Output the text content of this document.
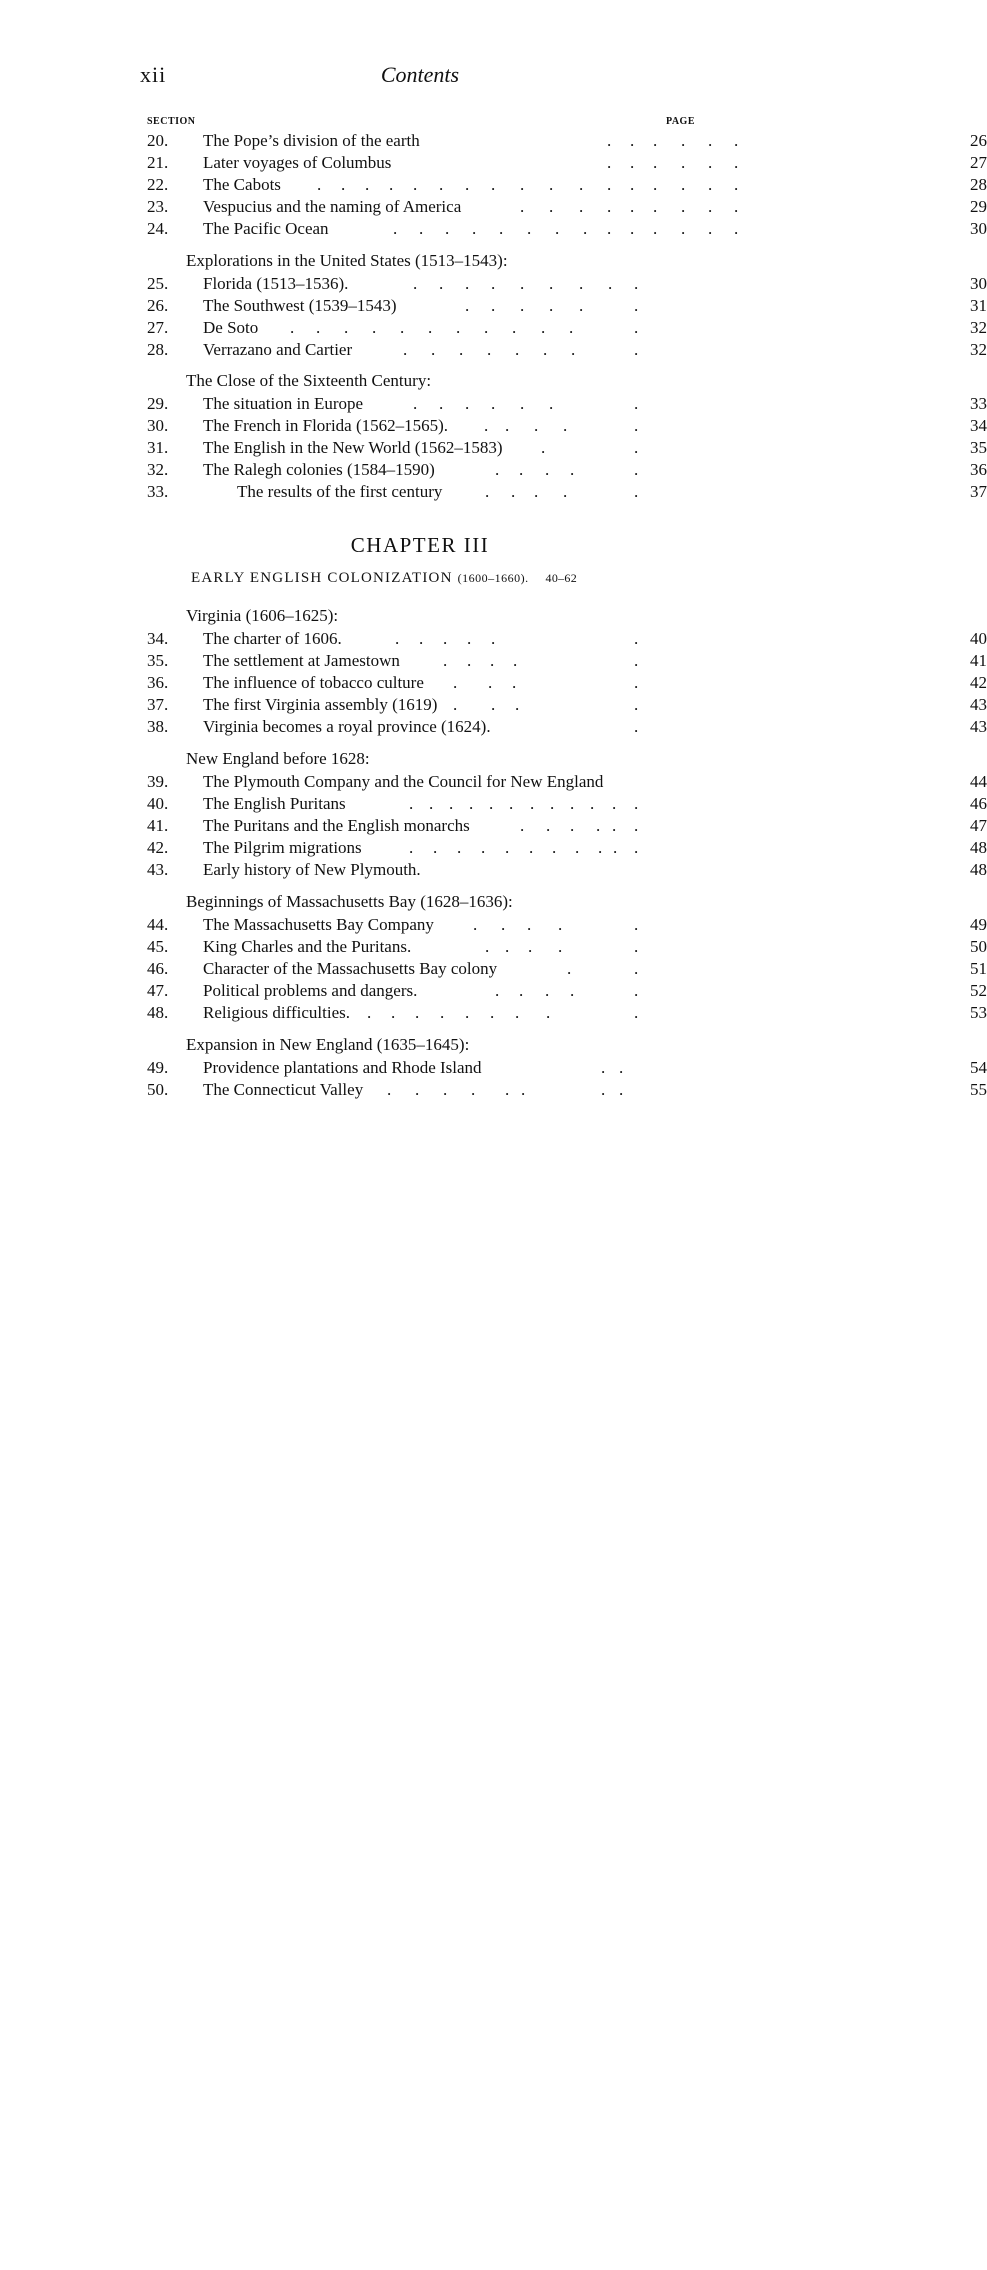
xii	Contents
SECTION	PAGE
Explorations in the United States (1513–1543):
The Close of the Sixteenth Century:
CHAPTER III
EARLY ENGLISH COLONIZATION (1600–1660). 40–62
Virginia (1606–1625):
New England before 1628:
Beginnings of Massachusetts Bay (1628–1636):
Expansion in New England (1635–1645):
20. The Pope’s division of the earth	. . . . . .	26
21. Later voyages of Columbus	. . . . . .	27
22. The Cabots . . . . . . . . . . . . . . . . .	28
23. Vespucius and the naming of America	. . . . . . . . .	29
24. The Pacific Ocean	. . . . . . . . . . . . . .	30
25. Florida (1513–1536).	. . . . . . . . .	30
26. The Southwest (1539–1543)	. . . . .	.	31
27. De Soto . . . . . . . . . . .	.	32
28. Verrazano and Cartier	. . . . . . .	.	32
29. The situation in Europe	. . . . . .	.	33
30. The French in Florida (1562–1565). . . . .	.	34
31. The English in the New World (1562–1583) .	.	35
32. The Ralegh colonies (1584–1590)	. . . .	.	36
33.	The results of the first century	. . . .	.	37
34. The charter of 1606.	. . . . .	.	40
35. The settlement at Jamestown	. . . .	.	41
36. The influence of tobacco culture . . .	.	42
37. The first Virginia assembly (1619) . . .	.	43
38. Virginia becomes a royal province (1624).	.	43
39. The Plymouth Company and the Council for New England	44
40. The English Puritans	. . . . . . . . . . . .	46
41. The Puritans and the English monarchs	. . . . . .	47
42. The Pilgrim migrations	. . . . . . . . . . .	48
43. Early history of New Plymouth.	48
44. The Massachusetts Bay Company . . . .	.	49
45. King Charles and the Puritans.	. . . .	.	50
46. Character of the Massachusetts Bay colony	.	.	51
47. Political problems and dangers.	. . . .	.	52
48. Religious difficulties. . . . . . . . .	.	53
49. Providence plantations and Rhode Island	. .	54
50. The Connecticut Valley . . . . . .	. .	55
